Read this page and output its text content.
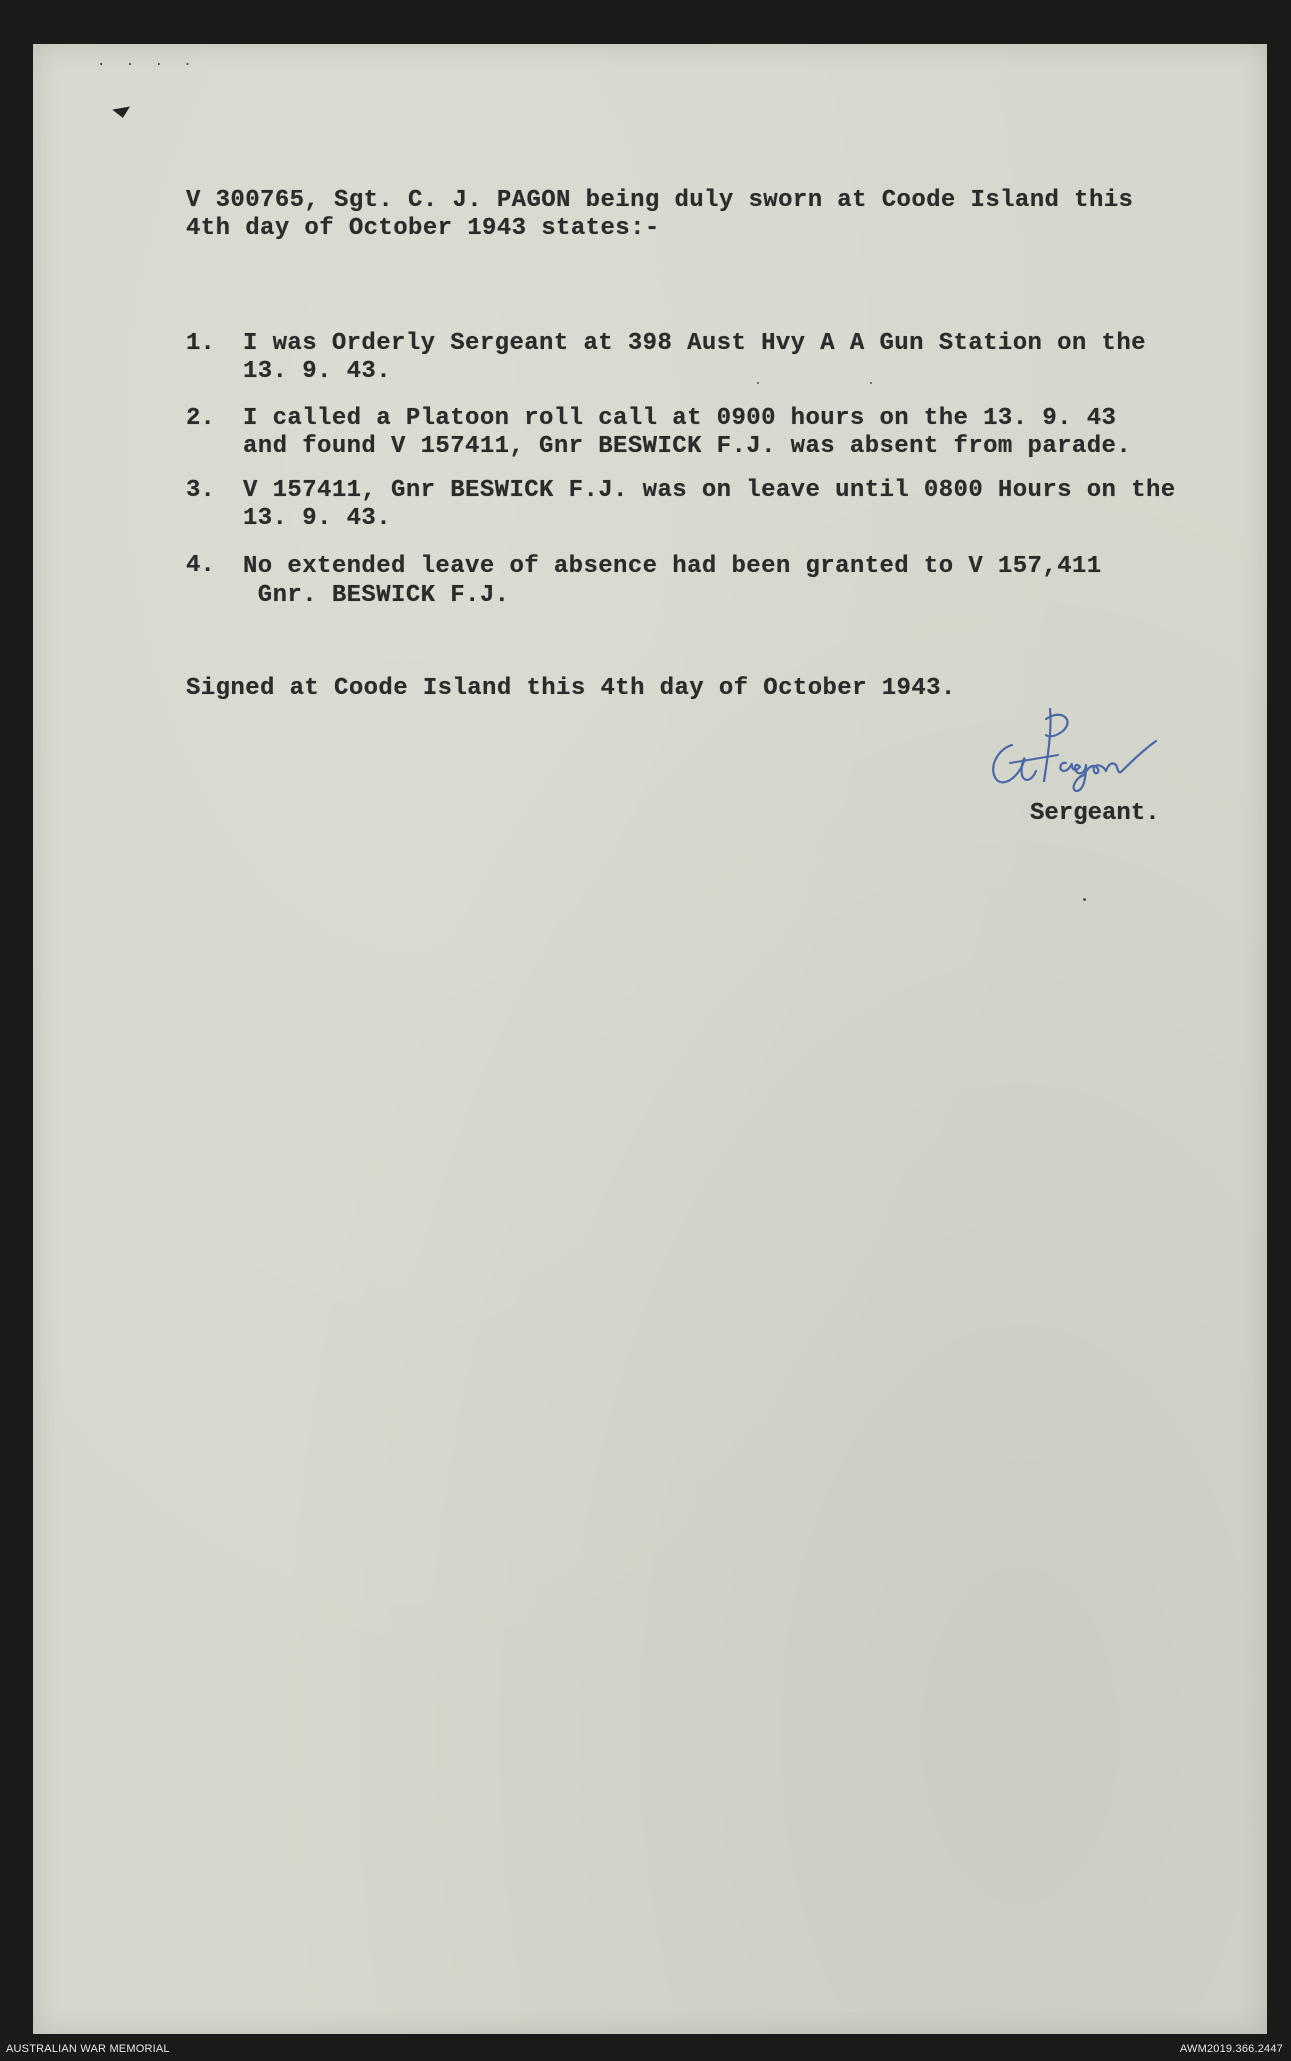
. . . .
V 300765, Sgt. C. J. PAGON being duly sworn at Coode Island this
4th day of October 1943 states:-
1.	I was Orderly Sergeant at 398 Aust Hvy A A Gun Station on the
13. 9. 43.
2.	I called a Platoon roll call at 0900 hours on the 13. 9. 43
and found V 157411, Gnr BESWICK F.J. was absent from parade.
3.	V 157411, Gnr BESWICK F.J. was on leave until 0800 Hours on the
13. 9. 43.
4.	No extended leave of absence had been granted to V 157,411
Gnr. BESWICK F.J.
Signed at Coode Island this 4th day of October 1943.
Sergeant.
AUSTRALIAN WAR MEMORIAL	AWM2019.366.2447
